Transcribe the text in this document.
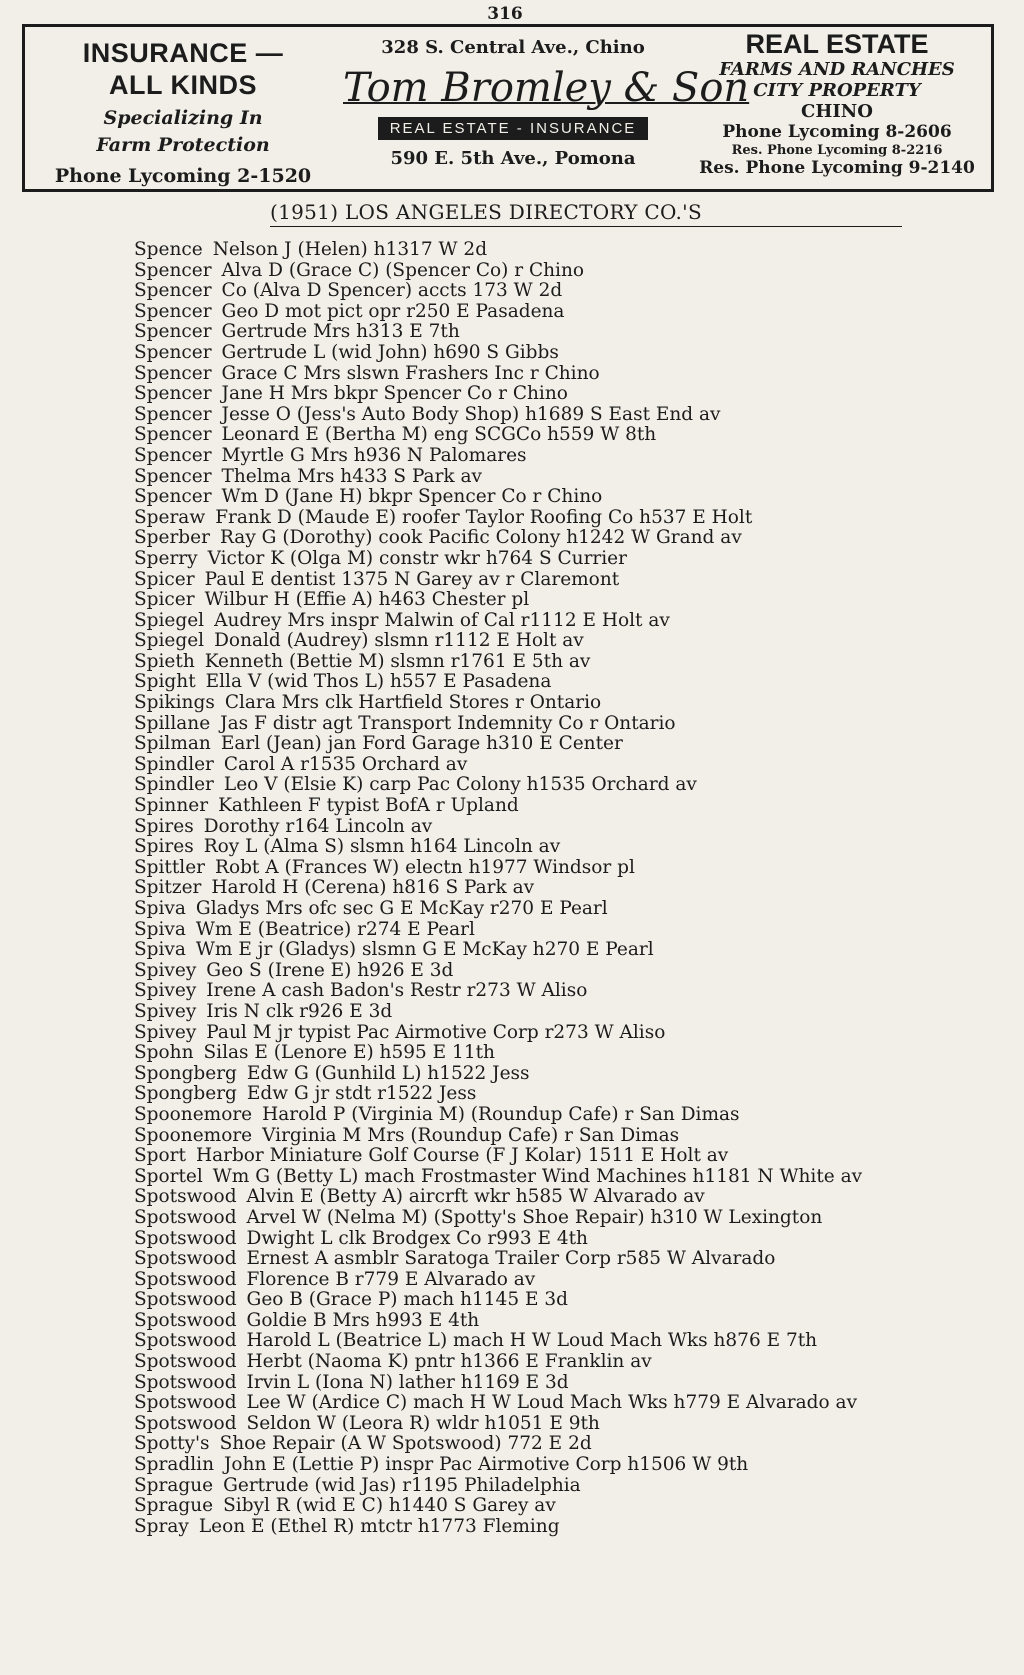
316
INSURANCE —
ALL KINDS
Specializing In
Farm Protection
Phone Lycoming 2-1520
328 S. Central Ave., Chino
Tom Bromley & Son
REAL ESTATE - INSURANCE
590 E. 5th Ave., Pomona
REAL ESTATE
FARMS AND RANCHES
CITY PROPERTY
CHINO
Phone Lycoming 8-2606
Res. Phone Lycoming 8-2216
Res. Phone Lycoming 9-2140
(1951) LOS ANGELES DIRECTORY CO.'S
Spence Nelson J (Helen) h1317 W 2d
Spencer Alva D (Grace C) (Spencer Co) r Chino
Spencer Co (Alva D Spencer) accts 173 W 2d
Spencer Geo D mot pict opr r250 E Pasadena
Spencer Gertrude Mrs h313 E 7th
Spencer Gertrude L (wid John) h690 S Gibbs
Spencer Grace C Mrs slswn Frashers Inc r Chino
Spencer Jane H Mrs bkpr Spencer Co r Chino
Spencer Jesse O (Jess's Auto Body Shop) h1689 S East End av
Spencer Leonard E (Bertha M) eng SCGCo h559 W 8th
Spencer Myrtle G Mrs h936 N Palomares
Spencer Thelma Mrs h433 S Park av
Spencer Wm D (Jane H) bkpr Spencer Co r Chino
Speraw Frank D (Maude E) roofer Taylor Roofing Co h537 E Holt
Sperber Ray G (Dorothy) cook Pacific Colony h1242 W Grand av
Sperry Victor K (Olga M) constr wkr h764 S Currier
Spicer Paul E dentist 1375 N Garey av r Claremont
Spicer Wilbur H (Effie A) h463 Chester pl
Spiegel Audrey Mrs inspr Malwin of Cal r1112 E Holt av
Spiegel Donald (Audrey) slsmn r1112 E Holt av
Spieth Kenneth (Bettie M) slsmn r1761 E 5th av
Spight Ella V (wid Thos L) h557 E Pasadena
Spikings Clara Mrs clk Hartfield Stores r Ontario
Spillane Jas F distr agt Transport Indemnity Co r Ontario
Spilman Earl (Jean) jan Ford Garage h310 E Center
Spindler Carol A r1535 Orchard av
Spindler Leo V (Elsie K) carp Pac Colony h1535 Orchard av
Spinner Kathleen F typist BofA r Upland
Spires Dorothy r164 Lincoln av
Spires Roy L (Alma S) slsmn h164 Lincoln av
Spittler Robt A (Frances W) electn h1977 Windsor pl
Spitzer Harold H (Cerena) h816 S Park av
Spiva Gladys Mrs ofc sec G E McKay r270 E Pearl
Spiva Wm E (Beatrice) r274 E Pearl
Spiva Wm E jr (Gladys) slsmn G E McKay h270 E Pearl
Spivey Geo S (Irene E) h926 E 3d
Spivey Irene A cash Badon's Restr r273 W Aliso
Spivey Iris N clk r926 E 3d
Spivey Paul M jr typist Pac Airmotive Corp r273 W Aliso
Spohn Silas E (Lenore E) h595 E 11th
Spongberg Edw G (Gunhild L) h1522 Jess
Spongberg Edw G jr stdt r1522 Jess
Spoonemore Harold P (Virginia M) (Roundup Cafe) r San Dimas
Spoonemore Virginia M Mrs (Roundup Cafe) r San Dimas
Sport Harbor Miniature Golf Course (F J Kolar) 1511 E Holt av
Sportel Wm G (Betty L) mach Frostmaster Wind Machines h1181 N White av
Spotswood Alvin E (Betty A) aircrft wkr h585 W Alvarado av
Spotswood Arvel W (Nelma M) (Spotty's Shoe Repair) h310 W Lexington
Spotswood Dwight L clk Brodgex Co r993 E 4th
Spotswood Ernest A asmblr Saratoga Trailer Corp r585 W Alvarado
Spotswood Florence B r779 E Alvarado av
Spotswood Geo B (Grace P) mach h1145 E 3d
Spotswood Goldie B Mrs h993 E 4th
Spotswood Harold L (Beatrice L) mach H W Loud Mach Wks h876 E 7th
Spotswood Herbt (Naoma K) pntr h1366 E Franklin av
Spotswood Irvin L (Iona N) lather h1169 E 3d
Spotswood Lee W (Ardice C) mach H W Loud Mach Wks h779 E Alvarado av
Spotswood Seldon W (Leora R) wldr h1051 E 9th
Spotty's Shoe Repair (A W Spotswood) 772 E 2d
Spradlin John E (Lettie P) inspr Pac Airmotive Corp h1506 W 9th
Sprague Gertrude (wid Jas) r1195 Philadelphia
Sprague Sibyl R (wid E C) h1440 S Garey av
Spray Leon E (Ethel R) mtctr h1773 Fleming
